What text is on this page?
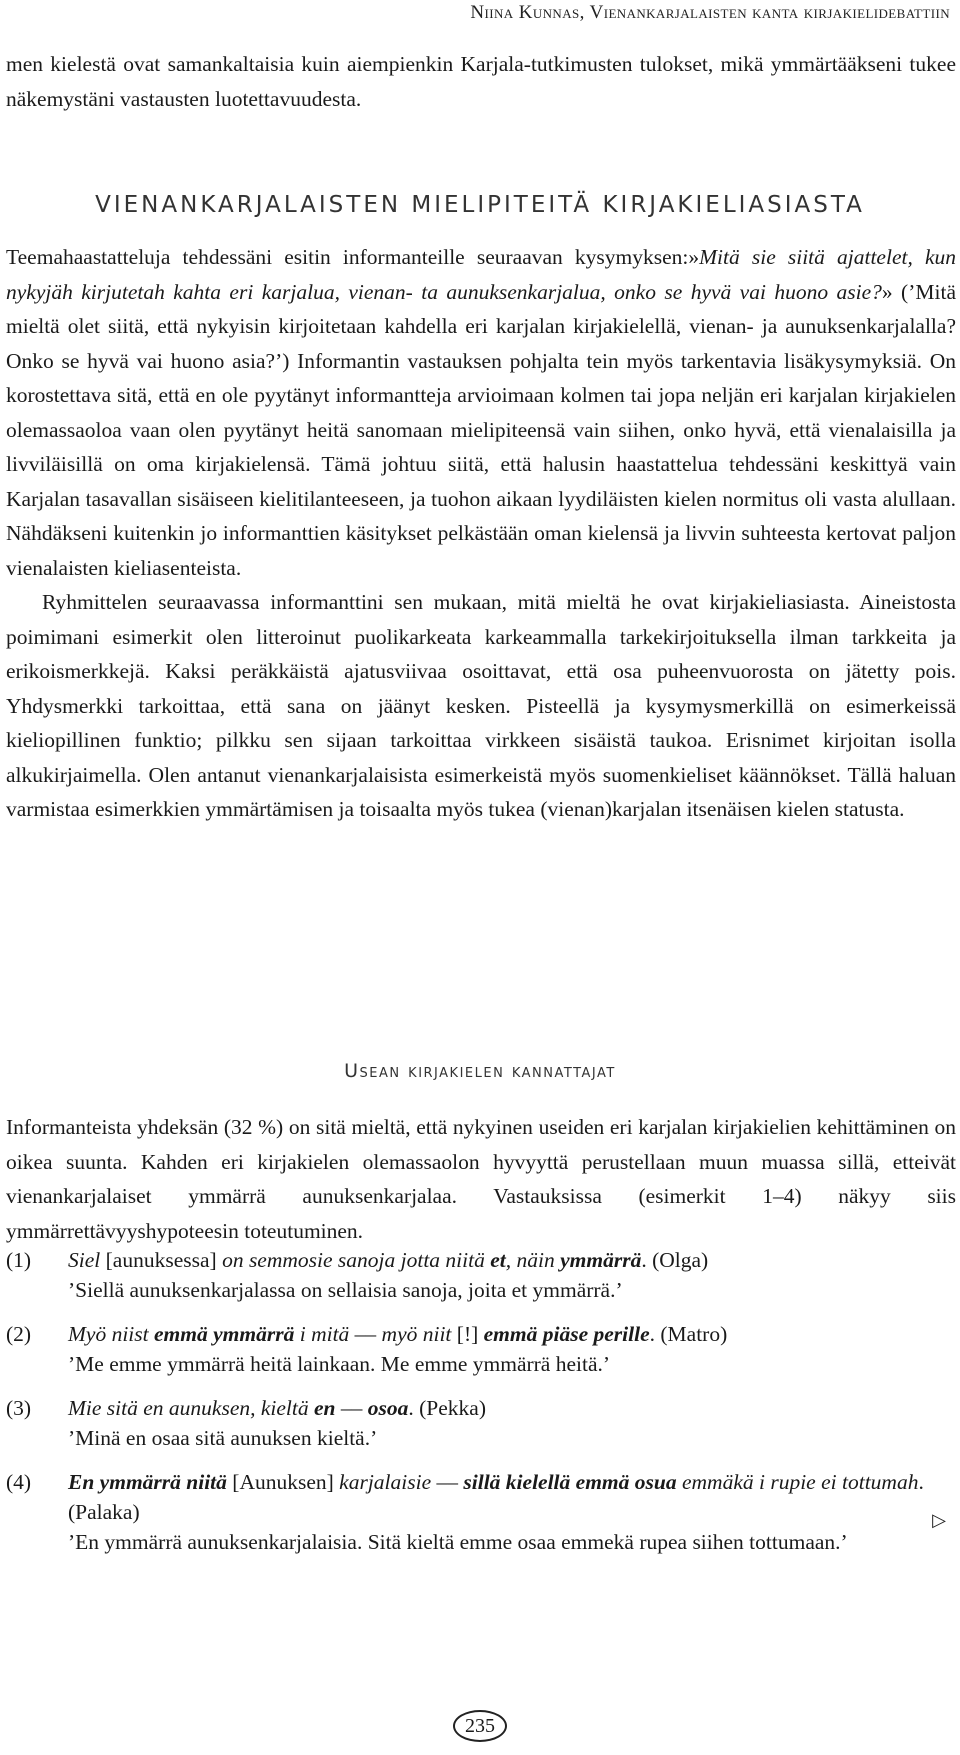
Niina Kunnas, Vienankarjalaisten kanta kirjakielidebattiin

men kielestä ovat samankaltaisia kuin aiempienkin Karjala-tutkimusten tulokset, mikä ymmärtääkseni tukee näkemystäni vastausten luotettavuudesta.

VIENANKARJALAISTEN MIELIPITEITÄ KIRJAKIELIASIASTA

Teemahaastatteluja tehdessäni esitin informanteille seuraavan kysymyksen:»Mitä sie siitä ajattelet, kun nykyjäh kirjutetah kahta eri karjalua, vienan- ta aunuksenkarjalua, onko se hyvä vai huono asie?» (’Mitä mieltä olet siitä, että nykyisin kirjoitetaan kahdella eri karjalan kirjakielellä, vienan- ja aunuksenkarjalalla? Onko se hyvä vai huono asia?’) Informantin vastauksen pohjalta tein myös tarkentavia lisäkysymyksiä. On korostettava sitä, että en ole pyytänyt informantteja arvioimaan kolmen tai jopa neljän eri karjalan kirjakielen olemassaoloa vaan olen pyytänyt heitä sanomaan mielipiteensä vain siihen, onko hyvä, että vienalaisilla ja livviläisillä on oma kirjakielensä. Tämä johtuu siitä, että halusin haastattelua tehdessäni keskittyä vain Karjalan tasavallan sisäiseen kielitilanteeseen, ja tuohon aikaan lyydiläisten kielen normitus oli vasta alullaan. Nähdäkseni kuitenkin jo informanttien käsitykset pelkästään oman kielensä ja livvin suhteesta kertovat paljon vienalaisten kieliasenteista.

Ryhmittelen seuraavassa informanttini sen mukaan, mitä mieltä he ovat kirjakieliasiasta. Aineistosta poimimani esimerkit olen litteroinut puolikarkeata karkeammalla tarkekirjoituksella ilman tarkkeita ja erikoismerkkejä. Kaksi peräkkäistä ajatusviivaa osoittavat, että osa puheenvuorosta on jätetty pois. Yhdysmerkki tarkoittaa, että sana on jäänyt kesken. Pisteellä ja kysymysmerkillä on esimerkeissä kieliopillinen funktio; pilkku sen sijaan tarkoittaa virkkeen sisäistä taukoa. Erisnimet kirjoitan isolla alkukirjaimella. Olen antanut vienankarjalaisista esimerkeistä myös suomenkieliset käännökset. Tällä haluan varmistaa esimerkkien ymmärtämisen ja toisaalta myös tukea (vienan)karjalan itsenäisen kielen statusta.

Usean kirjakielen kannattajat

Informanteista yhdeksän (32 %) on sitä mieltä, että nykyinen useiden eri karjalan kirjakielien kehittäminen on oikea suunta. Kahden eri kirjakielen olemassaolon hyvyyttä perustellaan muun muassa sillä, etteivät vienankarjalaiset ymmärrä aunuksenkarjalaa. Vastauksissa (esimerkit 1–4) näkyy siis ymmärrettävyyshypoteesin toteutuminen.

(1) Siel [aunuksessa] on semmosie sanoja jotta niitä et, näin ymmärrä. (Olga)
’Siellä aunuksenkarjalassa on sellaisia sanoja, joita et ymmärrä.’
(2) Myö niist emmä ymmärrä i mitä –– myö niit [!] emmä piäse perille. (Matro)
’Me emme ymmärrä heitä lainkaan. Me emme ymmärrä heitä.’
(3) Mie sitä en aunuksen, kieltä en –– osoa. (Pekka)
’Minä en osaa sitä aunuksen kieltä.’
(4) En ymmärrä niitä [Aunuksen] karjalaisie –– sillä kielellä emmä osua emmäkä i rupie ei tottumah. (Palaka)
’En ymmärrä aunuksenkarjalaisia. Sitä kieltä emme osaa emmekä rupea siihen tottumaan.’
▷
235
